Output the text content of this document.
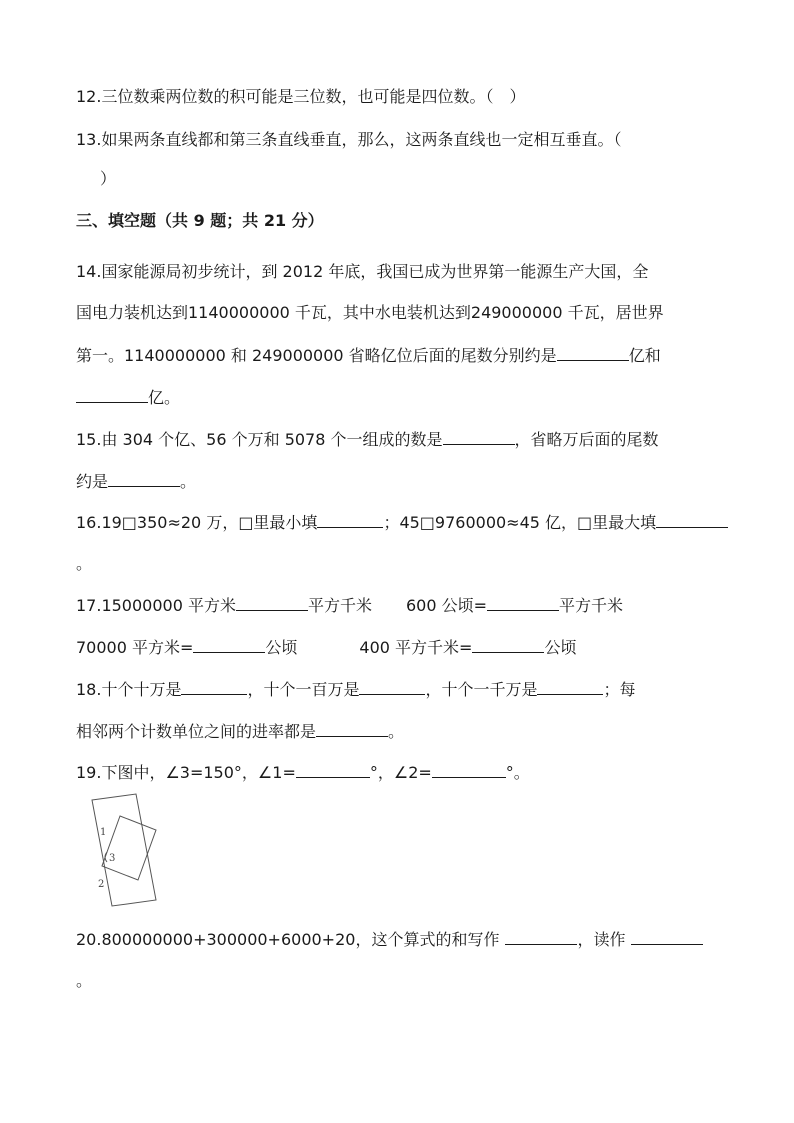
12.三位数乘两位数的积可能是三位数，也可能是四位数。（　）
13.如果两条直线都和第三条直线垂直，那么，这两条直线也一定相互垂直。（
）
三、填空题（共 9 题；共 21 分）
14.国家能源局初步统计，到 2012 年底，我国已成为世界第一能源生产大国，全
国电力装机达到1140000000 千瓦，其中水电装机达到249000000 千瓦，居世界
第一。1140000000 和 249000000 省略亿位后面的尾数分别约是	亿和
亿。
15.由 304 个亿、56 个万和 5078 个一组成的数是	，省略万后面的尾数
约是	。
16.19□350≈20 万，□里最小填	；45□9760000≈45 亿，□里最大填
。
17.15000000 平方米	平方千米 600 公顷=	平方千米
70000 平方米=	公顷	400 平方千米=	公顷
18.十个十万是	，十个一百万是	，十个一千万是	；每
相邻两个计数单位之间的进率都是	。
19.下图中，∠3=150°，∠1=	°，∠2=	°。
1
3
2
20.800000000+300000+6000+20，这个算式的和写作	，读作
。
